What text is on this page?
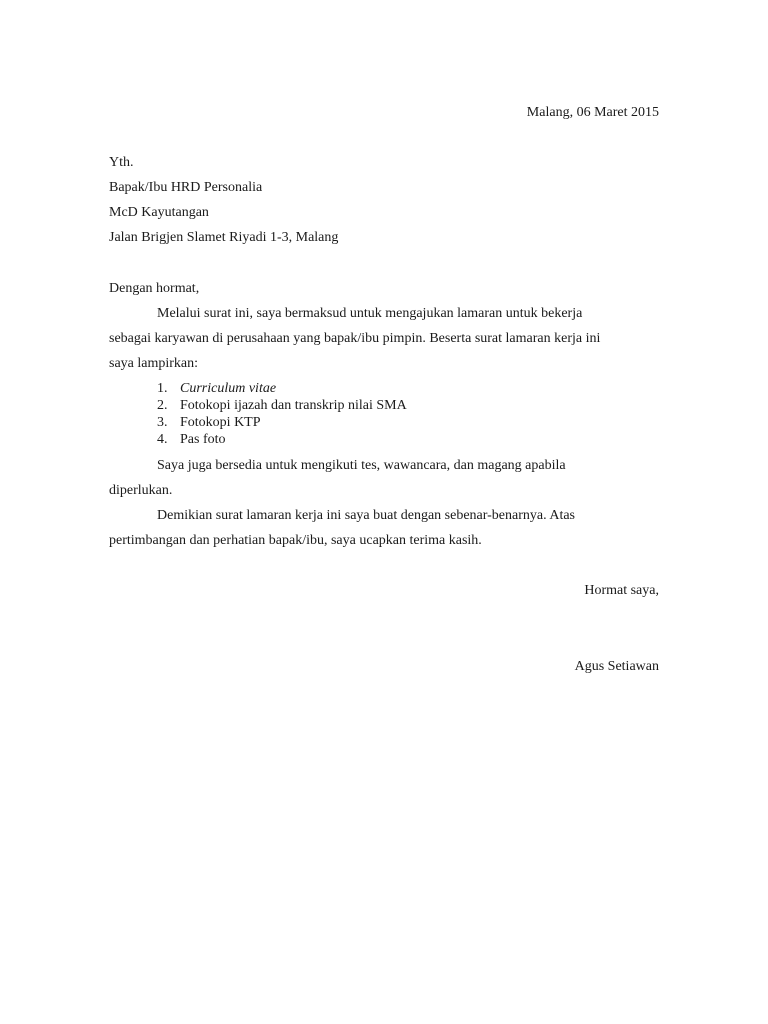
Malang, 06 Maret 2015
Yth.
Bapak/Ibu HRD Personalia
McD Kayutangan
Jalan Brigjen Slamet Riyadi 1-3, Malang
Dengan hormat,
Melalui surat ini, saya bermaksud untuk mengajukan lamaran untuk bekerja
sebagai karyawan di perusahaan yang bapak/ibu pimpin. Beserta surat lamaran kerja ini
saya lampirkan:
1. Curriculum vitae
2. Fotokopi ijazah dan transkrip nilai SMA
3. Fotokopi KTP
4. Pas foto
Saya juga bersedia untuk mengikuti tes, wawancara, dan magang apabila
diperlukan.
Demikian surat lamaran kerja ini saya buat dengan sebenar-benarnya. Atas
pertimbangan dan perhatian bapak/ibu, saya ucapkan terima kasih.
Hormat saya,
Agus Setiawan
